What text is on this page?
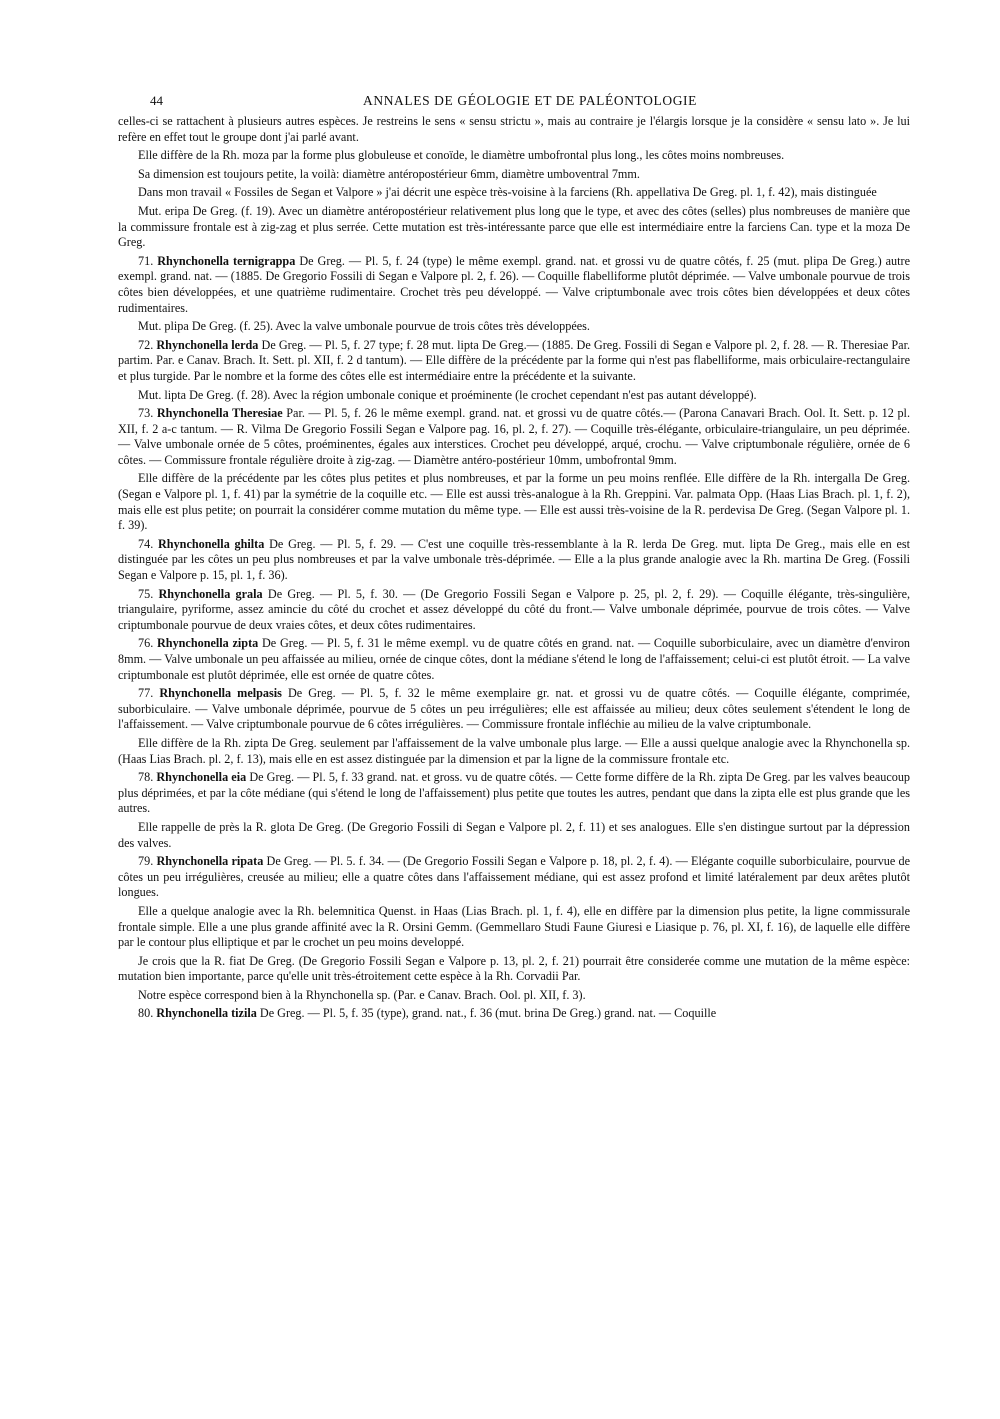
44	ANNALES DE GÉOLOGIE ET DE PALÉONTOLOGIE

celles-ci se rattachent à plusieurs autres espèces. Je restreins le sens « sensu strictu », mais au contraire je l'élargis lorsque je la considère « sensu lato ». Je lui refère en effet tout le groupe dont j'ai parlé avant.

Elle diffère de la Rh. moza par la forme plus globuleuse et conoïde, le diamètre umbofrontal plus long., les côtes moins nombreuses.

Sa dimension est toujours petite, la voilà: diamètre antéropostérieur 6mm, diamètre umboventral 7mm.

Dans mon travail « Fossiles de Segan et Valpore » j'ai décrit une espèce très-voisine à la farciens (Rh. appellativa De Greg. pl. 1, f. 42), mais distinguée

Mut. eripa De Greg. (f. 19). Avec un diamètre antéropostérieur relativement plus long que le type, et avec des côtes (selles) plus nombreuses de manière que la commissure frontale est à zig-zag et plus serrée. Cette mutation est très-intéressante parce que elle est intermédiaire entre la farciens Can. type et la moza De Greg.

71. Rhynchonella ternigrappa De Greg. — Pl. 5, f. 24 (type) le même exempl. grand. nat. et grossi vu de quatre côtés, f. 25 (mut. plipa De Greg.) autre exempl. grand. nat. — (1885. De Gregorio Fossili di Segan e Valpore pl. 2, f. 26). — Coquille flabelliforme plutôt déprimée. — Valve umbonale pourvue de trois côtes bien développées, et une quatrième rudimentaire. Crochet très peu développé. — Valve criptumbonale avec trois côtes bien développées et deux côtes rudimentaires.

Mut. plipa De Greg. (f. 25). Avec la valve umbonale pourvue de trois côtes très développées.

72. Rhynchonella lerda De Greg. — Pl. 5, f. 27 type; f. 28 mut. lipta De Greg.— (1885. De Greg. Fossili di Segan e Valpore pl. 2, f. 28. — R. Theresiae Par. partim. Par. e Canav. Brach. It. Sett. pl. XII, f. 2 d tantum). — Elle diffère de la précédente par la forme qui n'est pas flabelliforme, mais orbiculaire-rectangulaire et plus turgide. Par le nombre et la forme des côtes elle est intermédiaire entre la précédente et la suivante.

Mut. lipta De Greg. (f. 28). Avec la région umbonale conique et proéminente (le crochet cependant n'est pas autant développé).

73. Rhynchonella Theresiae Par. — Pl. 5, f. 26 le même exempl. grand. nat. et grossi vu de quatre côtés.— (Parona Canavari Brach. Ool. It. Sett. p. 12 pl. XII, f. 2 a-c tantum. — R. Vilma De Gregorio Fossili Segan e Valpore pag. 16, pl. 2, f. 27). — Coquille très-élégante, orbiculaire-triangulaire, un peu déprimée. — Valve umbonale ornée de 5 côtes, proéminentes, égales aux interstices. Crochet peu développé, arqué, crochu. — Valve criptumbonale régulière, ornée de 6 côtes. — Commissure frontale régulière droite à zig-zag. — Diamètre antéro-postérieur 10mm, umbofrontal 9mm.

Elle diffère de la précédente par les côtes plus petites et plus nombreuses, et par la forme un peu moins renflée. Elle diffère de la Rh. intergalla De Greg. (Segan e Valpore pl. 1, f. 41) par la symétrie de la coquille etc. — Elle est aussi très-analogue à la Rh. Greppini. Var. palmata Opp. (Haas Lias Brach. pl. 1, f. 2), mais elle est plus petite; on pourrait la considérer comme mutation du même type. — Elle est aussi très-voisine de la R. perdevisa De Greg. (Segan Valpore pl. 1. f. 39).

74. Rhynchonella ghilta De Greg. — Pl. 5, f. 29. — C'est une coquille très-ressemblante à la R. lerda De Greg. mut. lipta De Greg., mais elle en est distinguée par les côtes un peu plus nombreuses et par la valve umbonale très-déprimée. — Elle a la plus grande analogie avec la Rh. martina De Greg. (Fossili Segan e Valpore p. 15, pl. 1, f. 36).

75. Rhynchonella grala De Greg. — Pl. 5, f. 30. — (De Gregorio Fossili Segan e Valpore p. 25, pl. 2, f. 29). — Coquille élégante, très-singulière, triangulaire, pyriforme, assez amincie du côté du crochet et assez développé du côté du front.— Valve umbonale déprimée, pourvue de trois côtes. — Valve criptumbonale pourvue de deux vraies côtes, et deux côtes rudimentaires.

76. Rhynchonella zipta De Greg. — Pl. 5, f. 31 le même exempl. vu de quatre côtés en grand. nat. — Coquille suborbiculaire, avec un diamètre d'environ 8mm. — Valve umbonale un peu affaissée au milieu, ornée de cinque côtes, dont la médiane s'étend le long de l'affaissement; celui-ci est plutôt étroit. — La valve criptumbonale est plutôt déprimée, elle est ornée de quatre côtes.

77. Rhynchonella melpasis De Greg. — Pl. 5, f. 32 le même exemplaire gr. nat. et grossi vu de quatre côtés. — Coquille élégante, comprimée, suborbiculaire. — Valve umbonale déprimée, pourvue de 5 côtes un peu irrégulières; elle est affaissée au milieu; deux côtes seulement s'étendent le long de l'affaissement. — Valve criptumbonale pourvue de 6 côtes irrégulières. — Commissure frontale infléchie au milieu de la valve criptumbonale.

Elle diffère de la Rh. zipta De Greg. seulement par l'affaissement de la valve umbonale plus large. — Elle a aussi quelque analogie avec la Rhynchonella sp. (Haas Lias Brach. pl. 2, f. 13), mais elle en est assez distinguée par la dimension et par la ligne de la commissure frontale etc.

78. Rhynchonella eia De Greg. — Pl. 5, f. 33 grand. nat. et gross. vu de quatre côtés. — Cette forme diffère de la Rh. zipta De Greg. par les valves beaucoup plus déprimées, et par la côte médiane (qui s'étend le long de l'affaissement) plus petite que toutes les autres, pendant que dans la zipta elle est plus grande que les autres.

Elle rappelle de près la R. glota De Greg. (De Gregorio Fossili di Segan e Valpore pl. 2, f. 11) et ses analogues. Elle s'en distingue surtout par la dépression des valves.

79. Rhynchonella ripata De Greg. — Pl. 5. f. 34. — (De Gregorio Fossili Segan e Valpore p. 18, pl. 2, f. 4). — Elégante coquille suborbiculaire, pourvue de côtes un peu irrégulières, creusée au milieu; elle a quatre côtes dans l'affaissement médiane, qui est assez profond et limité latéralement par deux arêtes plutôt longues.

Elle a quelque analogie avec la Rh. belemnitica Quenst. in Haas (Lias Brach. pl. 1, f. 4), elle en diffère par la dimension plus petite, la ligne commissurale frontale simple. Elle a une plus grande affinité avec la R. Orsini Gemm. (Gemmellaro Studi Faune Giuresi e Liasique p. 76, pl. XI, f. 16), de laquelle elle diffère par le contour plus elliptique et par le crochet un peu moins developpé.

Je crois que la R. fiat De Greg. (De Gregorio Fossili Segan e Valpore p. 13, pl. 2, f. 21) pourrait être considerée comme une mutation de la même espèce: mutation bien importante, parce qu'elle unit très-étroitement cette espèce à la Rh. Corvadii Par.

Notre espèce correspond bien à la Rhynchonella sp. (Par. e Canav. Brach. Ool. pl. XII, f. 3).

80. Rhynchonella tizila De Greg. — Pl. 5, f. 35 (type), grand. nat., f. 36 (mut. brina De Greg.) grand. nat. — Coquille
